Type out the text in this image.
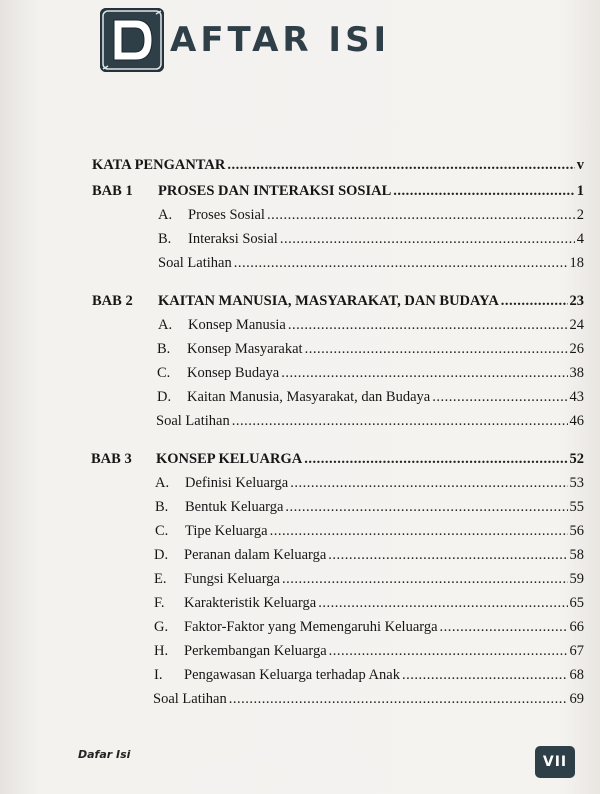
AFTAR ISI
KATA PENGANTAR .....	v
BAB 1 PROSES DAN INTERAKSI SOSIAL .....	1
A. Proses Sosial .....	2
B. Interaksi Sosial .....	4
Soal Latihan .....	18
BAB 2 KAITAN MANUSIA, MASYARAKAT, DAN BUDAYA .....	23
A. Konsep Manusia .....	24
B. Konsep Masyarakat .....	26
C. Konsep Budaya .....	38
D. Kaitan Manusia, Masyarakat, dan Budaya .....	43
Soal Latihan .....	46
BAB 3 KONSEP KELUARGA .....	52
A. Definisi Keluarga .....	53
B. Bentuk Keluarga .....	55
C. Tipe Keluarga .....	56
D. Peranan dalam Keluarga .....	58
E. Fungsi Keluarga .....	59
F. Karakteristik Keluarga .....	65
G. Faktor-Faktor yang Memengaruhi Keluarga .....	66
H. Perkembangan Keluarga .....	67
I. Pengawasan Keluarga terhadap Anak .....	68
Soal Latihan .....	69
Dafar Isi	VII
